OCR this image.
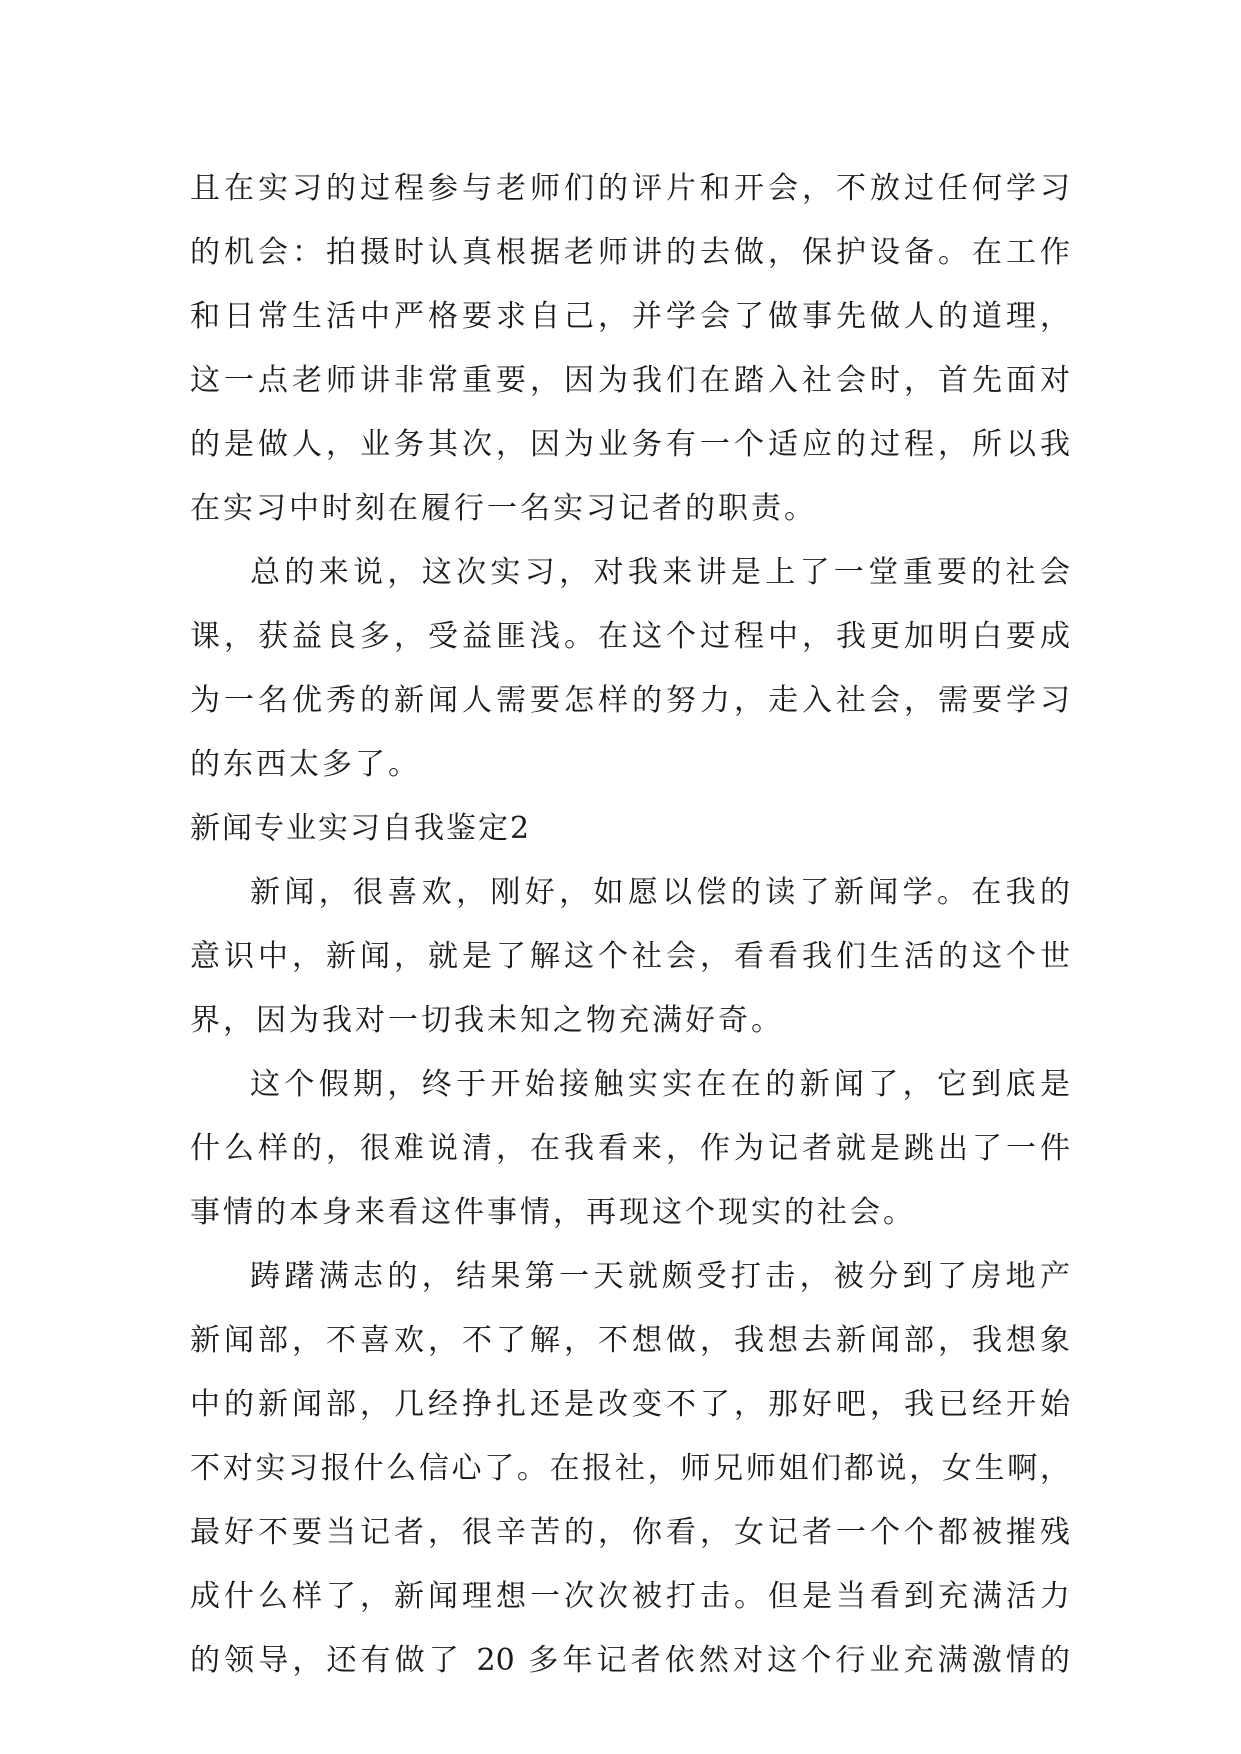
且在实习的过程参与老师们的评片和开会，不放过任何学习
的机会：拍摄时认真根据老师讲的去做，保护设备。在工作
和日常生活中严格要求自己，并学会了做事先做人的道理，
这一点老师讲非常重要，因为我们在踏入社会时，首先面对
的是做人，业务其次，因为业务有一个适应的过程，所以我
在实习中时刻在履行一名实习记者的职责。
总的来说，这次实习，对我来讲是上了一堂重要的社会
课，获益良多，受益匪浅。在这个过程中，我更加明白要成
为一名优秀的新闻人需要怎样的努力，走入社会，需要学习
的东西太多了。
新闻专业实习自我鉴定2
新闻，很喜欢，刚好，如愿以偿的读了新闻学。在我的
意识中，新闻，就是了解这个社会，看看我们生活的这个世
界，因为我对一切我未知之物充满好奇。
这个假期，终于开始接触实实在在的新闻了，它到底是
什么样的，很难说清，在我看来，作为记者就是跳出了一件
事情的本身来看这件事情，再现这个现实的社会。
踌躇满志的，结果第一天就颇受打击，被分到了房地产
新闻部，不喜欢，不了解，不想做，我想去新闻部，我想象
中的新闻部，几经挣扎还是改变不了，那好吧，我已经开始
不对实习报什么信心了。在报社，师兄师姐们都说，女生啊，
最好不要当记者，很辛苦的，你看，女记者一个个都被摧残
成什么样了，新闻理想一次次被打击。但是当看到充满活力
的领导，还有做了 20 多年记者依然对这个行业充满激情的
